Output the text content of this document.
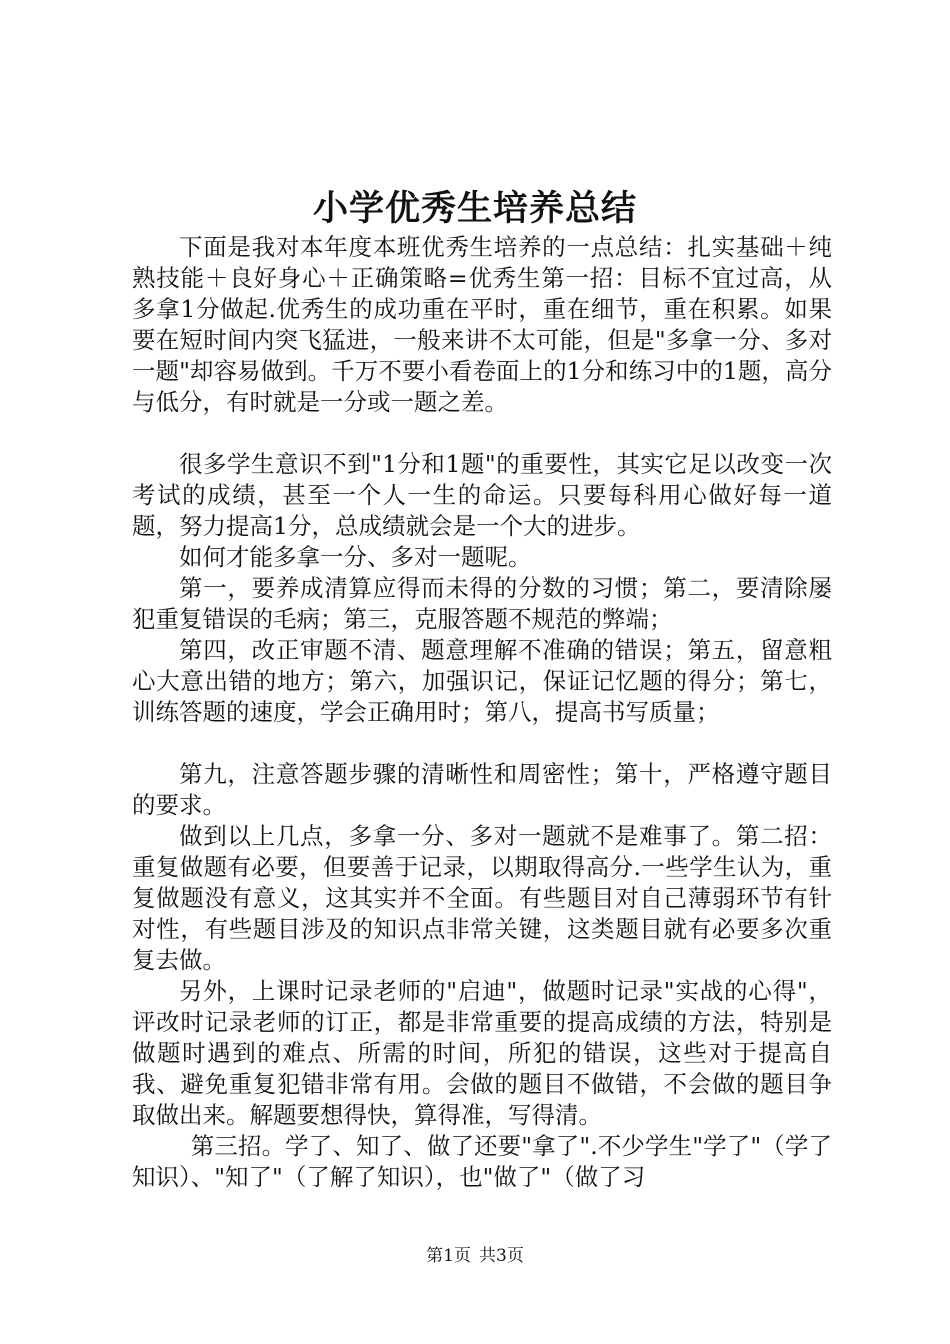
小学优秀生培养总结

下面是我对本年度本班优秀生培养的一点总结：扎实基础＋纯熟技能＋良好身心＋正确策略=优秀生第一招：目标不宜过高，从多拿1分做起.优秀生的成功重在平时，重在细节，重在积累。如果要在短时间内突飞猛进，一般来讲不太可能，但是"多拿一分、多对一题"却容易做到。千万不要小看卷面上的1分和练习中的1题，高分与低分，有时就是一分或一题之差。

很多学生意识不到"1分和1题"的重要性，其实它足以改变一次考试的成绩，甚至一个人一生的命运。只要每科用心做好每一道题，努力提高1分，总成绩就会是一个大的进步。

如何才能多拿一分、多对一题呢。

第一，要养成清算应得而未得的分数的习惯；第二，要清除屡犯重复错误的毛病；第三，克服答题不规范的弊端；

第四，改正审题不清、题意理解不准确的错误；第五，留意粗心大意出错的地方；第六，加强识记，保证记忆题的得分；第七，训练答题的速度，学会正确用时；第八，提高书写质量；

第九，注意答题步骤的清晰性和周密性；第十，严格遵守题目的要求。

做到以上几点，多拿一分、多对一题就不是难事了。第二招：重复做题有必要，但要善于记录，以期取得高分.一些学生认为，重复做题没有意义，这其实并不全面。有些题目对自己薄弱环节有针对性，有些题目涉及的知识点非常关键，这类题目就有必要多次重复去做。

另外，上课时记录老师的"启迪"，做题时记录"实战的心得"，评改时记录老师的订正，都是非常重要的提高成绩的方法，特别是做题时遇到的难点、所需的时间，所犯的错误，这些对于提高自我、避免重复犯错非常有用。会做的题目不做错，不会做的题目争取做出来。解题要想得快，算得准，写得清。

第三招。学了、知了、做了还要"拿了".不少学生"学了"（学了知识）、"知了"（了解了知识），也"做了"（做了习

第1页 共3页
